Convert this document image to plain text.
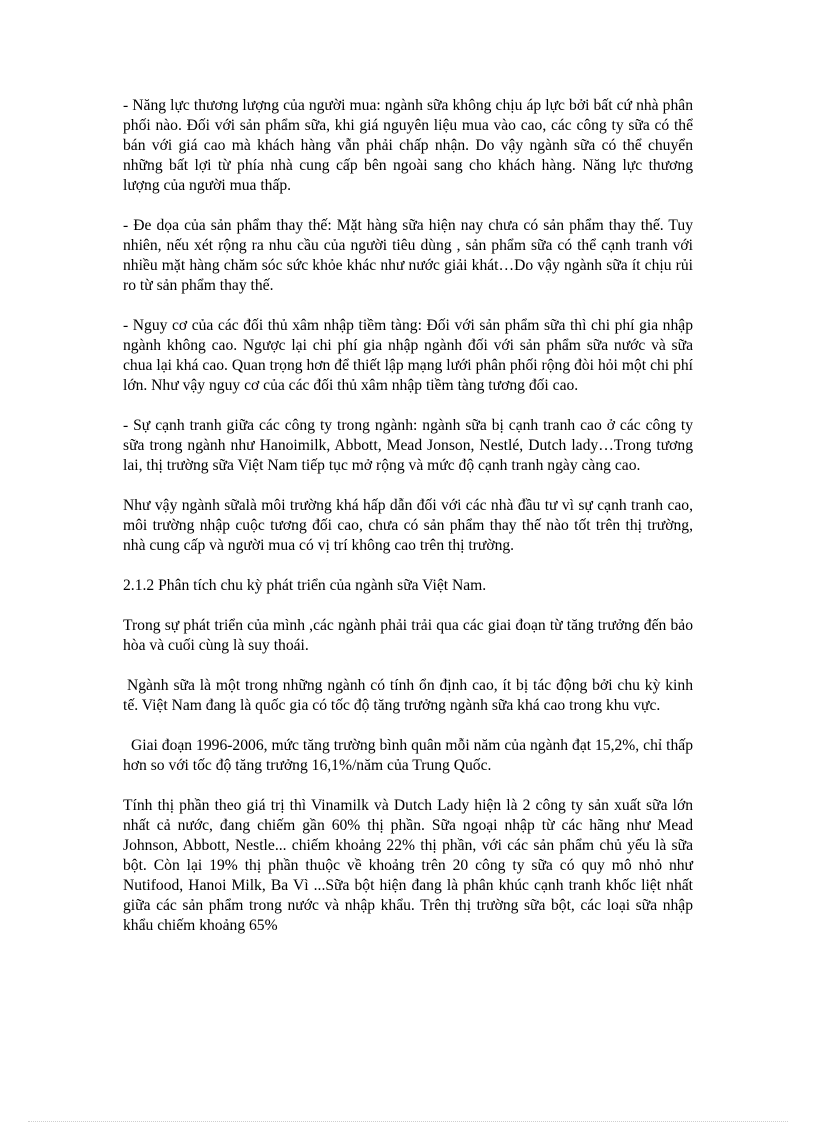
- Năng lực thương lượng của người mua: ngành sữa không chịu áp lực bởi bất cứ nhà phân phối nào. Đối với sản phẩm sữa, khi giá nguyên liệu mua vào cao, các công ty sữa có thể bán với giá cao mà khách hàng vẫn phải chấp nhận. Do vậy ngành sữa có thể chuyển những bất lợi từ phía nhà cung cấp bên ngoài sang cho khách hàng. Năng lực thương lượng của người mua thấp.

- Đe dọa của sản phẩm thay thế: Mặt hàng sữa hiện nay chưa có sản phẩm thay thế. Tuy nhiên, nếu xét rộng ra nhu cầu của người tiêu dùng , sản phẩm sữa có thể cạnh tranh với nhiều mặt hàng chăm sóc sức khỏe khác như nước giải khát…Do vậy ngành sữa ít chịu rủi ro từ sản phẩm thay thế.

- Nguy cơ của các đối thủ xâm nhập tiềm tàng: Đối với sản phẩm sữa thì chi phí gia nhập ngành không cao. Ngược lại chi phí gia nhập ngành đối với sản phẩm sữa nước và sữa chua lại khá cao. Quan trọng hơn để thiết lập mạng lưới phân phối rộng đòi hỏi một chi phí lớn. Như vậy nguy cơ của các đối thủ xâm nhập tiềm tàng tương đối cao.

- Sự cạnh tranh giữa các công ty trong ngành: ngành sữa bị cạnh tranh cao ở các công ty sữa trong ngành như Hanoimilk, Abbott, Mead Jonson, Nestlé, Dutch lady…Trong tương lai, thị trường sữa Việt Nam tiếp tục mở rộng và mức độ cạnh tranh ngày càng cao.

Như vậy ngành sữalà môi trường khá hấp dẫn đối với các nhà đầu tư vì sự cạnh tranh cao, môi trường nhập cuộc tương đối cao, chưa có sản phẩm thay thế nào tốt trên thị trường, nhà cung cấp và người mua có vị trí không cao trên thị trường.

2.1.2 Phân tích chu kỳ phát triển của ngành sữa Việt Nam.

Trong sự phát triển của mình ,các ngành phải trải qua các giai đoạn từ tăng trưởng đến bảo hòa và cuối cùng là suy thoái.

Ngành sữa là một trong những ngành có tính ổn định cao, ít bị tác động bởi chu kỳ kinh tế. Việt Nam đang là quốc gia có tốc độ tăng trưởng ngành sữa khá cao trong khu vực.

Giai đoạn 1996-2006, mức tăng trường bình quân mỗi năm của ngành đạt 15,2%, chỉ thấp hơn so với tốc độ tăng trưởng 16,1%/năm của Trung Quốc.

Tính thị phần theo giá trị thì Vinamilk và Dutch Lady hiện là 2 công ty sản xuất sữa lớn nhất cả nước, đang chiếm gần 60% thị phần. Sữa ngoại nhập từ các hãng như Mead Johnson, Abbott, Nestle... chiếm khoảng 22% thị phần, với các sản phẩm chủ yếu là sữa bột. Còn lại 19% thị phần thuộc về khoảng trên 20 công ty sữa có quy mô nhỏ như Nutifood, Hanoi Milk, Ba Vì ...Sữa bột hiện đang là phân khúc cạnh tranh khốc liệt nhất giữa các sản phẩm trong nước và nhập khẩu. Trên thị trường sữa bột, các loại sữa nhập khẩu chiếm khoảng 65%
